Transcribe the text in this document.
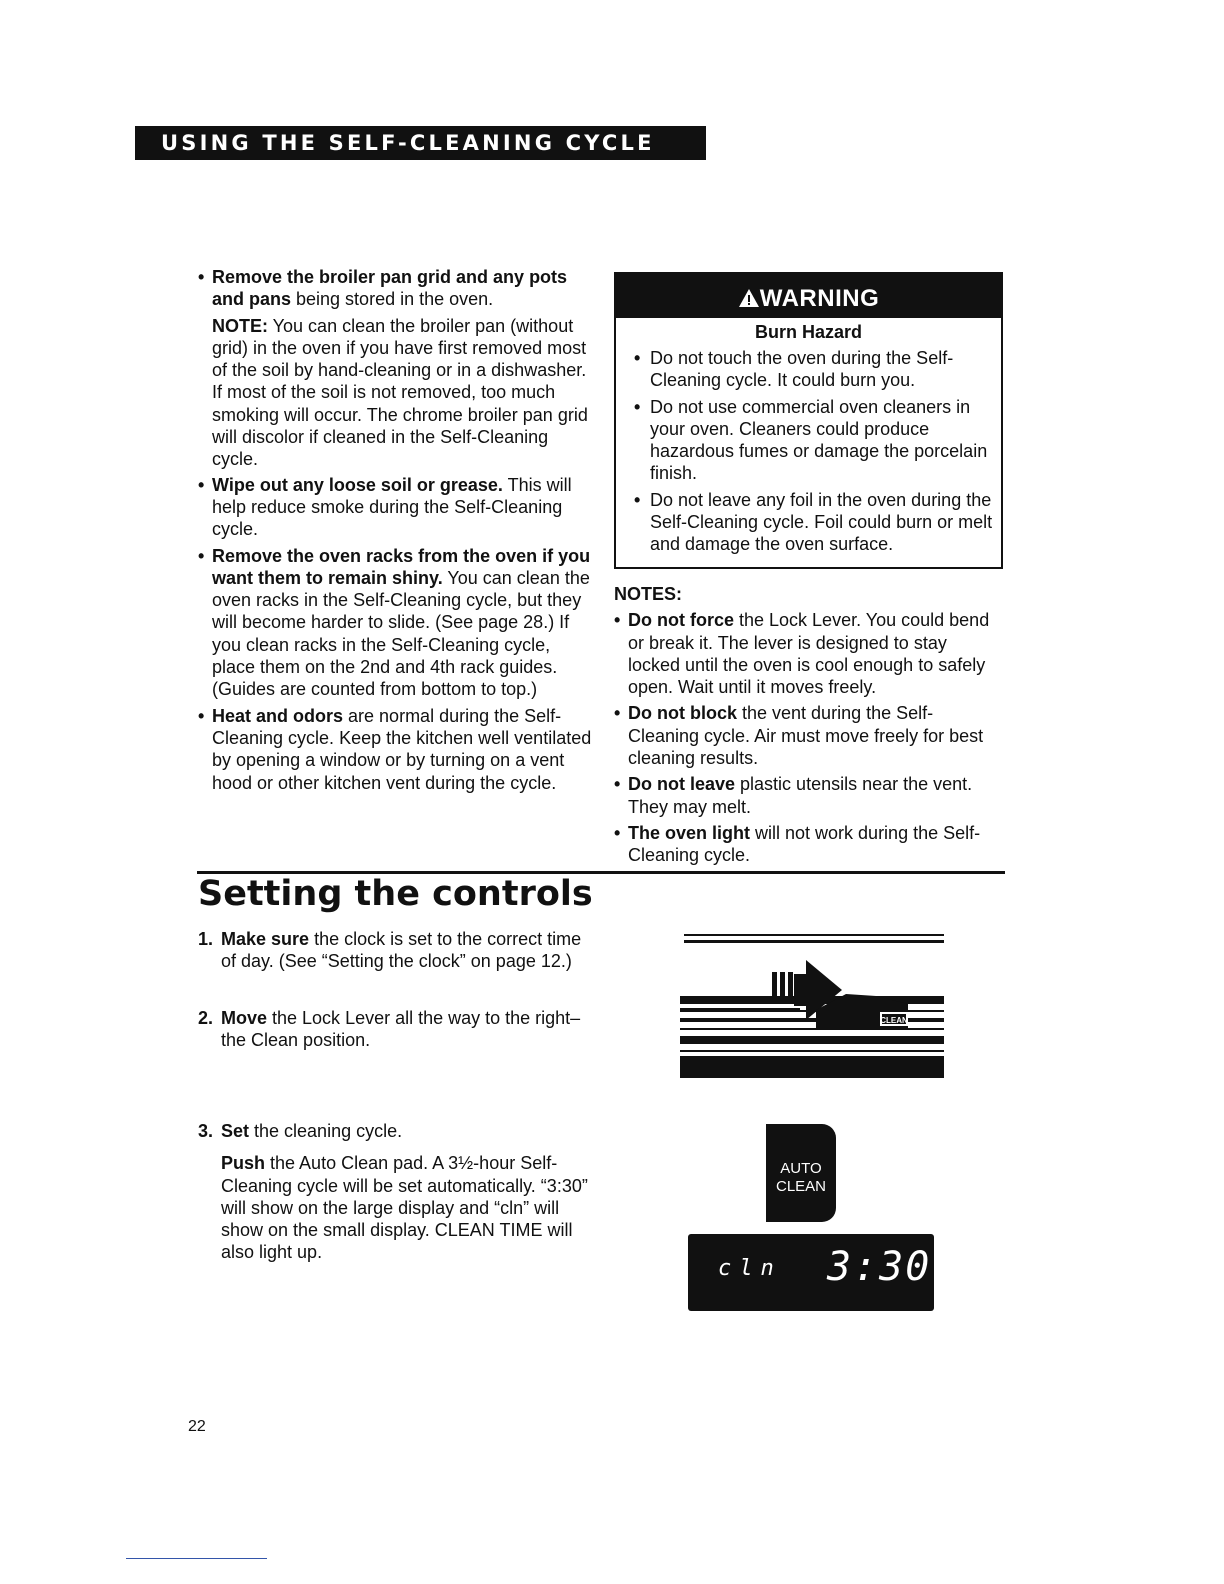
USING THE SELF-CLEANING CYCLE
• Remove the broiler pan grid and any pots and pans being stored in the oven.
NOTE: You can clean the broiler pan (without grid) in the oven if you have first removed most of the soil by hand-cleaning or in a dishwasher. If most of the soil is not removed, too much smoking will occur. The chrome broiler pan grid will discolor if cleaned in the Self-Cleaning cycle.
• Wipe out any loose soil or grease. This will help reduce smoke during the Self-Cleaning cycle.
• Remove the oven racks from the oven if you want them to remain shiny. You can clean the oven racks in the Self-Cleaning cycle, but they will become harder to slide. (See page 28.) If you clean racks in the Self-Cleaning cycle, place them on the 2nd and 4th rack guides. (Guides are counted from bottom to top.)
• Heat and odors are normal during the Self-Cleaning cycle. Keep the kitchen well ventilated by opening a window or by turning on a vent hood or other kitchen vent during the cycle.
WARNING
Burn Hazard
• Do not touch the oven during the Self-Cleaning cycle. It could burn you.
• Do not use commercial oven cleaners in your oven. Cleaners could produce hazardous fumes or damage the porcelain finish.
• Do not leave any foil in the oven during the Self-Cleaning cycle. Foil could burn or melt and damage the oven surface.
NOTES:
• Do not force the Lock Lever. You could bend or break it. The lever is designed to stay locked until the oven is cool enough to safely open. Wait until it moves freely.
• Do not block the vent during the Self-Cleaning cycle. Air must move freely for best cleaning results.
• Do not leave plastic utensils near the vent. They may melt.
• The oven light will not work during the Self-Cleaning cycle.
Setting the controls
1. Make sure the clock is set to the correct time of day. (See “Setting the clock” on page 12.)
2. Move the Lock Lever all the way to the right–the Clean position.
3. Set the cleaning cycle.
Push the Auto Clean pad. A 3½-hour Self-Cleaning cycle will be set automatically. “3:30” will show on the large display and “cln” will show on the small display. CLEAN TIME will also light up.
CLEAN
AUTO
CLEAN
cln 3:30
22
